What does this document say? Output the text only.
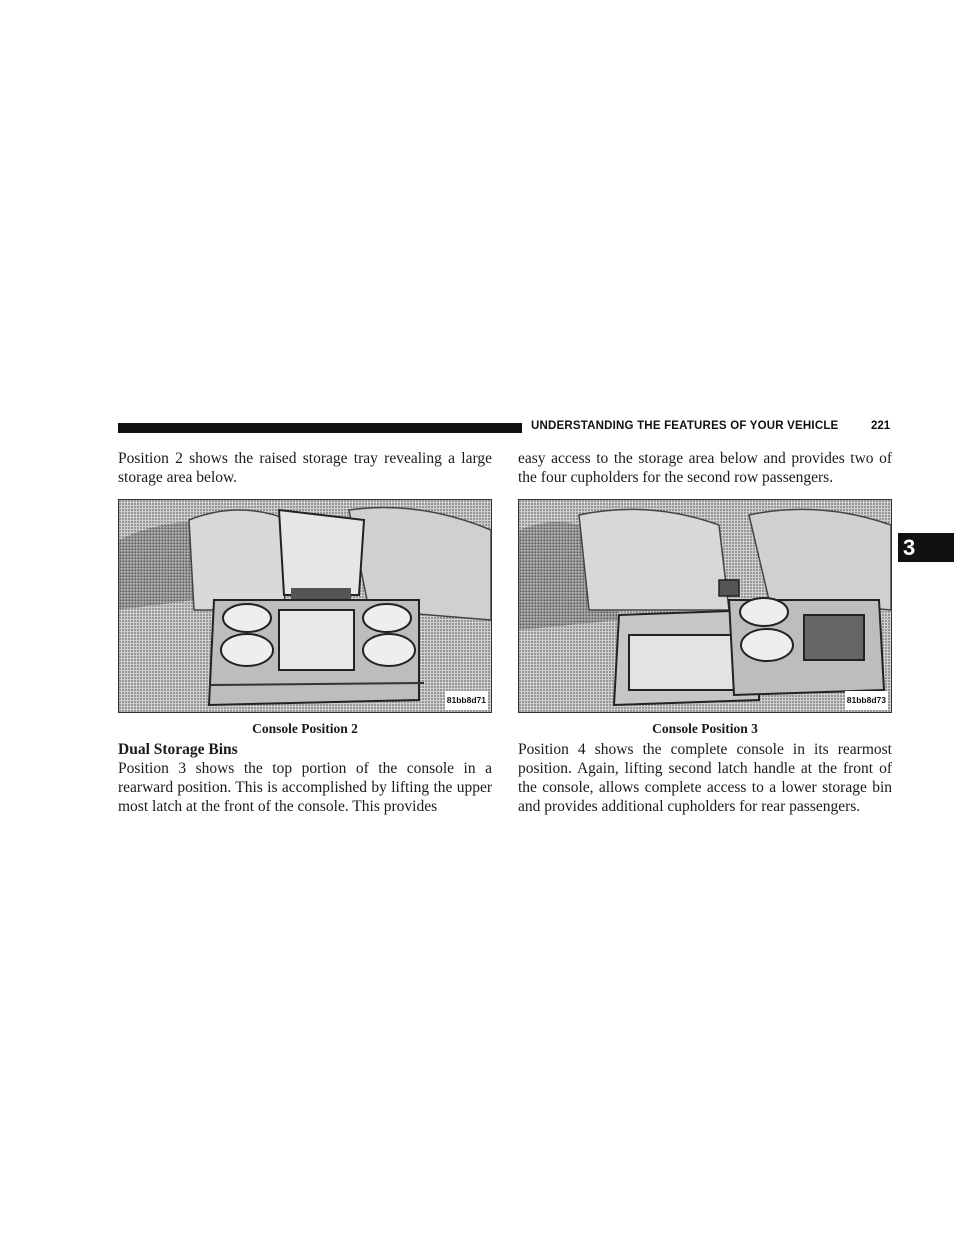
UNDERSTANDING THE FEATURES OF YOUR VEHICLE	221
3

Position 2 shows the raised storage tray revealing a large storage area below.

81bb8d71
Console Position 2
Dual Storage Bins

Position 3 shows the top portion of the console in a rearward position. This is accomplished by lifting the upper most latch at the front of the console. This provides

easy access to the storage area below and provides two of the four cupholders for the second row passengers.

81bb8d73
Console Position 3

Position 4 shows the complete console in its rearmost position. Again, lifting second latch handle at the front of the console, allows complete access to a lower storage bin and provides additional cupholders for rear passengers.
